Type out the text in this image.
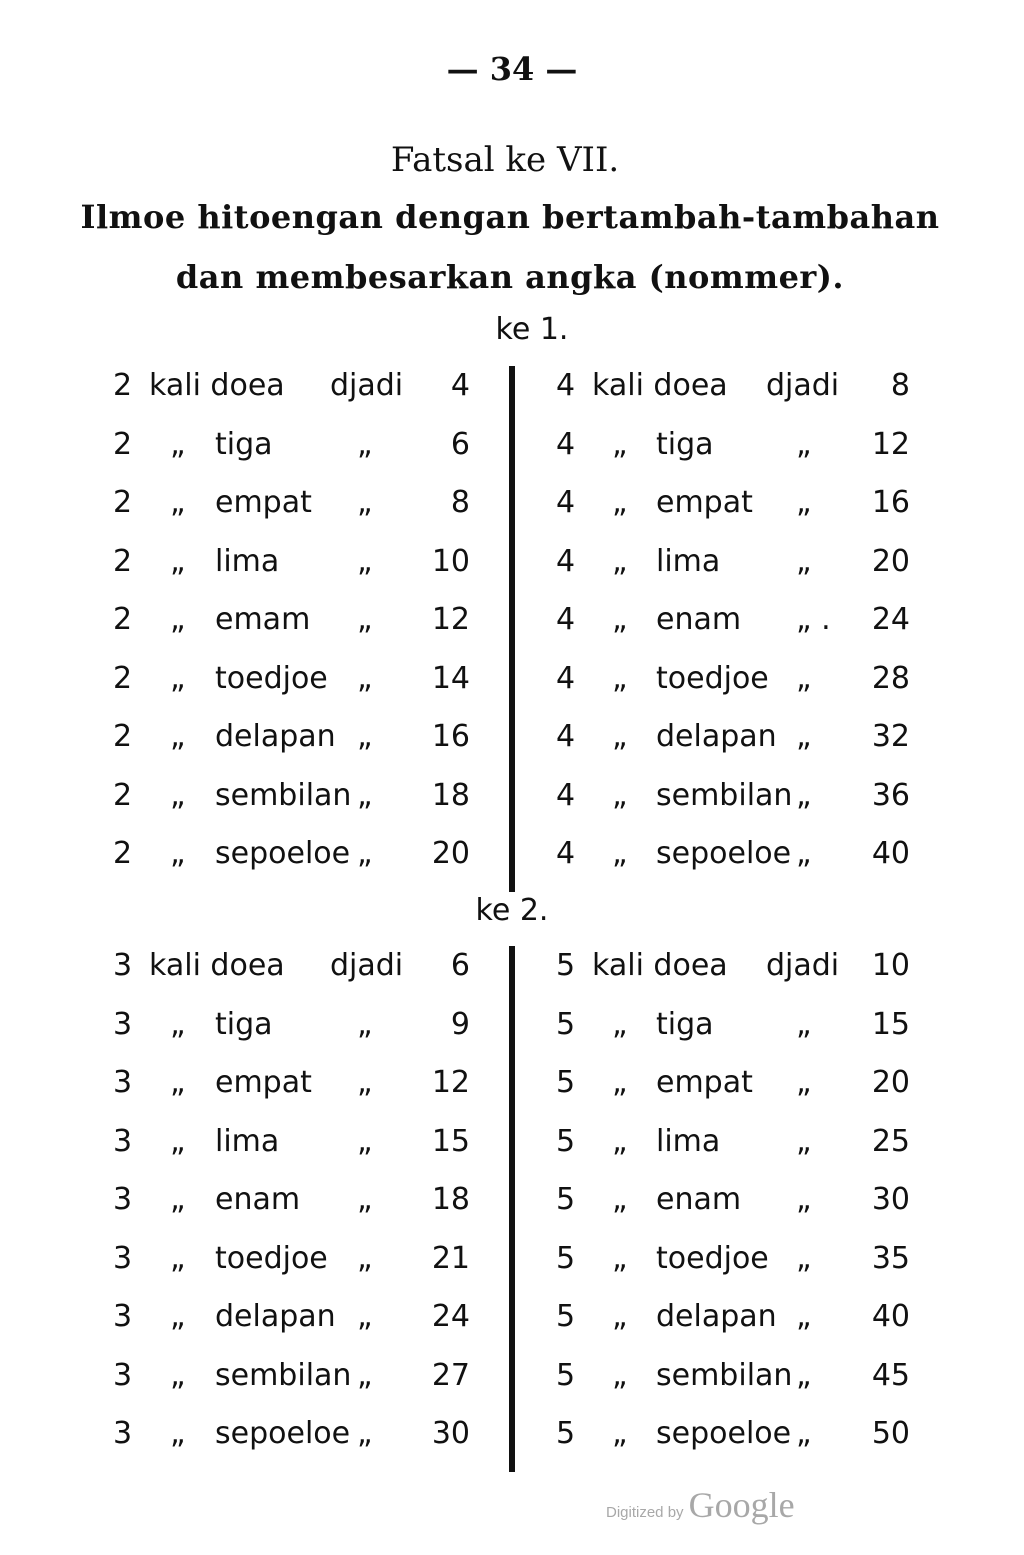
— 34 —
Fatsal ke VII.
Ilmoe hitoengan dengan bertambah-tambahan
dan membesarkan angka (nommer).
ke 1.
2 kali doea djadi	4
2 „ tiga	„	6
2 „ empat „	8
2 „ lima	„	10
2 „ emam „	12
2 „ toedjoe „	14
2 „ delapan „	16
2 „ sembilan „	18
2 „ sepoeloe „	20
4 kali doea djadi	8
4 „ tiga	„	12
4 „ empat „	16
4 „ lima	„	20
4 „ enam „ .	24
4 „ toedjoe „	28
4 „ delapan „	32
4 „ sembilan „	36
4 „ sepoeloe „	40
ke 2.
3 kali doea djadi	6
3 „ tiga	„	9
3 „ empat „	12
3 „ lima	„	15
3 „ enam „	18
3 „ toedjoe „	21
3 „ delapan „	24
3 „ sembilan „	27
3 „ sepoeloe „	30
5 kali doea djadi	10
5 „ tiga	„	15
5 „ empat „	20
5 „ lima	„	25
5 „ enam „	30
5 „ toedjoe „	35
5 „ delapan „	40
5 „ sembilan „	45
5 „ sepoeloe „	50
Digitized by Google
